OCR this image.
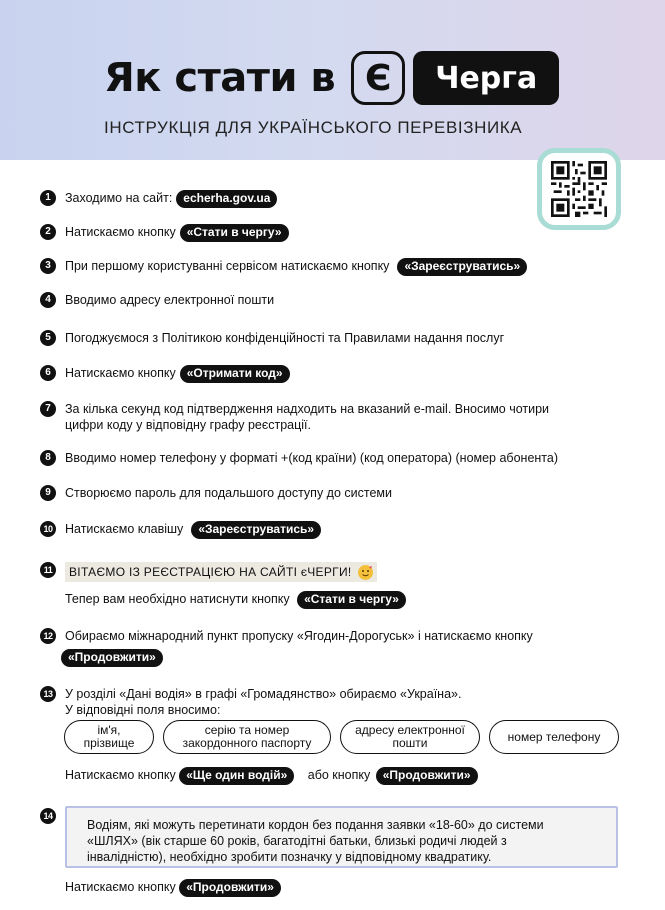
Як стати в Є	Черга
ІНСТРУКЦІЯ ДЛЯ УКРАЇНСЬКОГО ПЕРЕВІЗНИКА
1	Заходимо на сайт: echerha.gov.ua
2	Натискаємо кнопку «Стати в чергу»
3	При першому користуванні сервісом натискаємо кнопку	«Зареєструватись»
4	Вводимо адресу електронної пошти
5	Погоджуємося з Політикою конфіденційності та Правилами надання послуг
6	Натискаємо кнопку «Отримати код»
7	За кілька секунд код підтвердження надходить на вказаний e-mail. Вносимо чотири
цифри коду у відповідну графу реєстрації.
8	Вводимо номер телефону у форматі +(код країни) (код оператора) (номер абонента)
9	Створюємо пароль для подальшого доступу до системи
10 Натискаємо клавішу	«Зареєструватись»
11	ВІТАЄМО ІЗ РЕЄСТРАЦІЄЮ НА САЙТІ єЧЕРГИ!
Тепер вам необхідно натиснути кнопку «Стати в чергу»
12 Обираємо міжнародний пункт пропуску «Ягодин-Дорогуськ» і натискаємо кнопку
«Продовжити»
13 У розділі «Дані водія» в графі «Громадянство» обираємо «Україна».
У відповідні поля вносимо:
ім'я,
прізвище
серію та номер
закордонного паспорту
адресу електронної
пошти	номер телефону
Натискаємо кнопку «Ще один водій» або кнопку «Продовжити»
14
Водіям, які можуть перетинати кордон без подання заявки «18-60» до системи
«ШЛЯХ» (вік старше 60 років, багатодітні батьки, близькі родичі людей з
інвалідністю), необхідно зробити позначку у відповідному квадратику.
Натискаємо кнопку «Продовжити»
